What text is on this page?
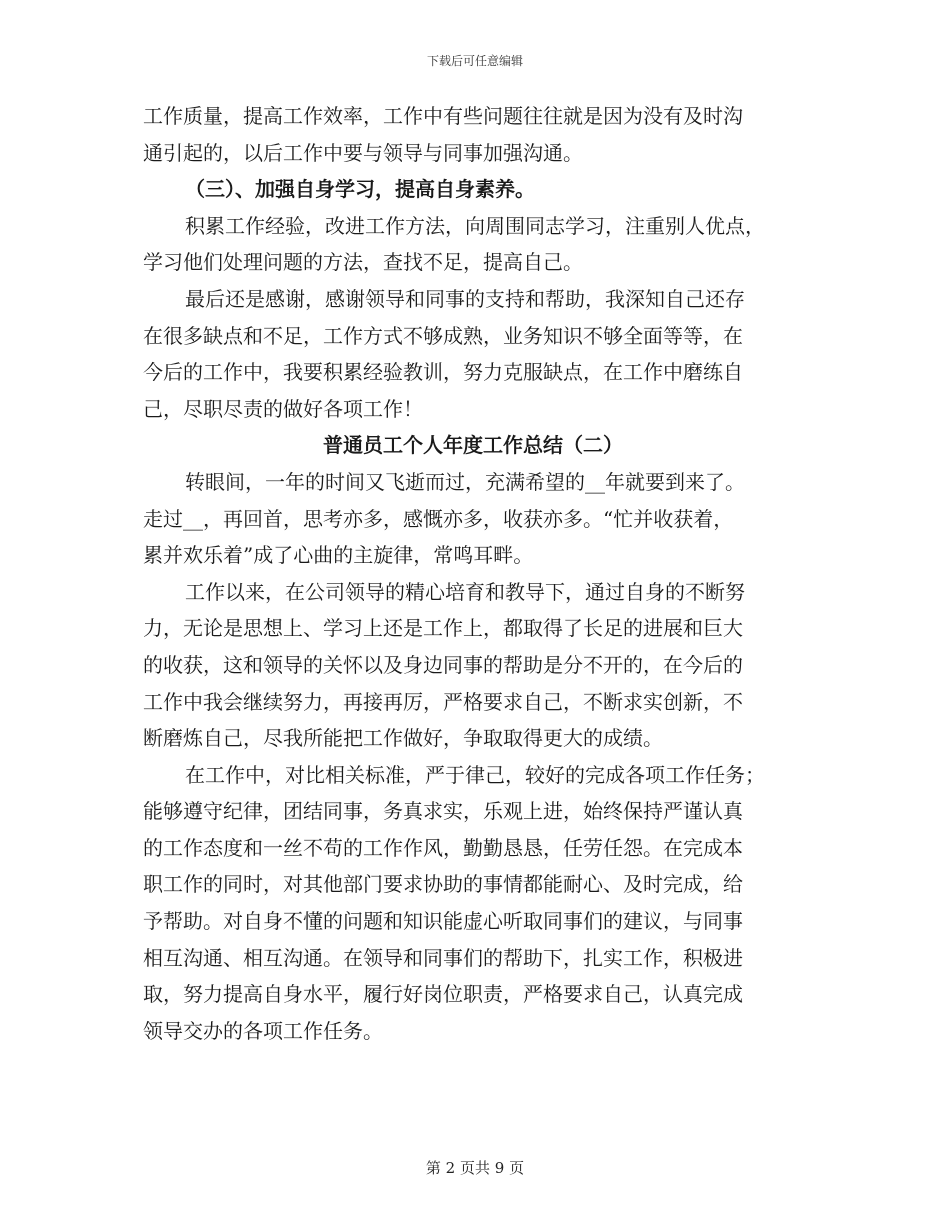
下载后可任意编辑
工作质量，提高工作效率，工作中有些问题往往就是因为没有及时沟
通引起的，以后工作中要与领导与同事加强沟通。
（三）、加强自身学习，提高自身素养。
积累工作经验，改进工作方法，向周围同志学习，注重别人优点，
学习他们处理问题的方法，查找不足，提高自己。
最后还是感谢，感谢领导和同事的支持和帮助，我深知自己还存
在很多缺点和不足，工作方式不够成熟，业务知识不够全面等等，在
今后的工作中，我要积累经验教训，努力克服缺点，在工作中磨练自
己，尽职尽责的做好各项工作！
普通员工个人年度工作总结（二）
转眼间，一年的时间又飞逝而过，充满希望的__年就要到来了。
走过__，再回首，思考亦多，感慨亦多，收获亦多。“忙并收获着，
累并欢乐着”成了心曲的主旋律，常鸣耳畔。
工作以来，在公司领导的精心培育和教导下，通过自身的不断努
力，无论是思想上、学习上还是工作上，都取得了长足的进展和巨大
的收获，这和领导的关怀以及身边同事的帮助是分不开的，在今后的
工作中我会继续努力，再接再厉，严格要求自己，不断求实创新，不
断磨炼自己，尽我所能把工作做好，争取取得更大的成绩。
在工作中，对比相关标准，严于律己，较好的完成各项工作任务；
能够遵守纪律，团结同事，务真求实，乐观上进，始终保持严谨认真
的工作态度和一丝不苟的工作作风，勤勤恳恳，任劳任怨。在完成本
职工作的同时，对其他部门要求协助的事情都能耐心、及时完成，给
予帮助。对自身不懂的问题和知识能虚心听取同事们的建议，与同事
相互沟通、相互沟通。在领导和同事们的帮助下，扎实工作，积极进
取，努力提高自身水平，履行好岗位职责，严格要求自己，认真完成
领导交办的各项工作任务。
第 2 页共 9 页
